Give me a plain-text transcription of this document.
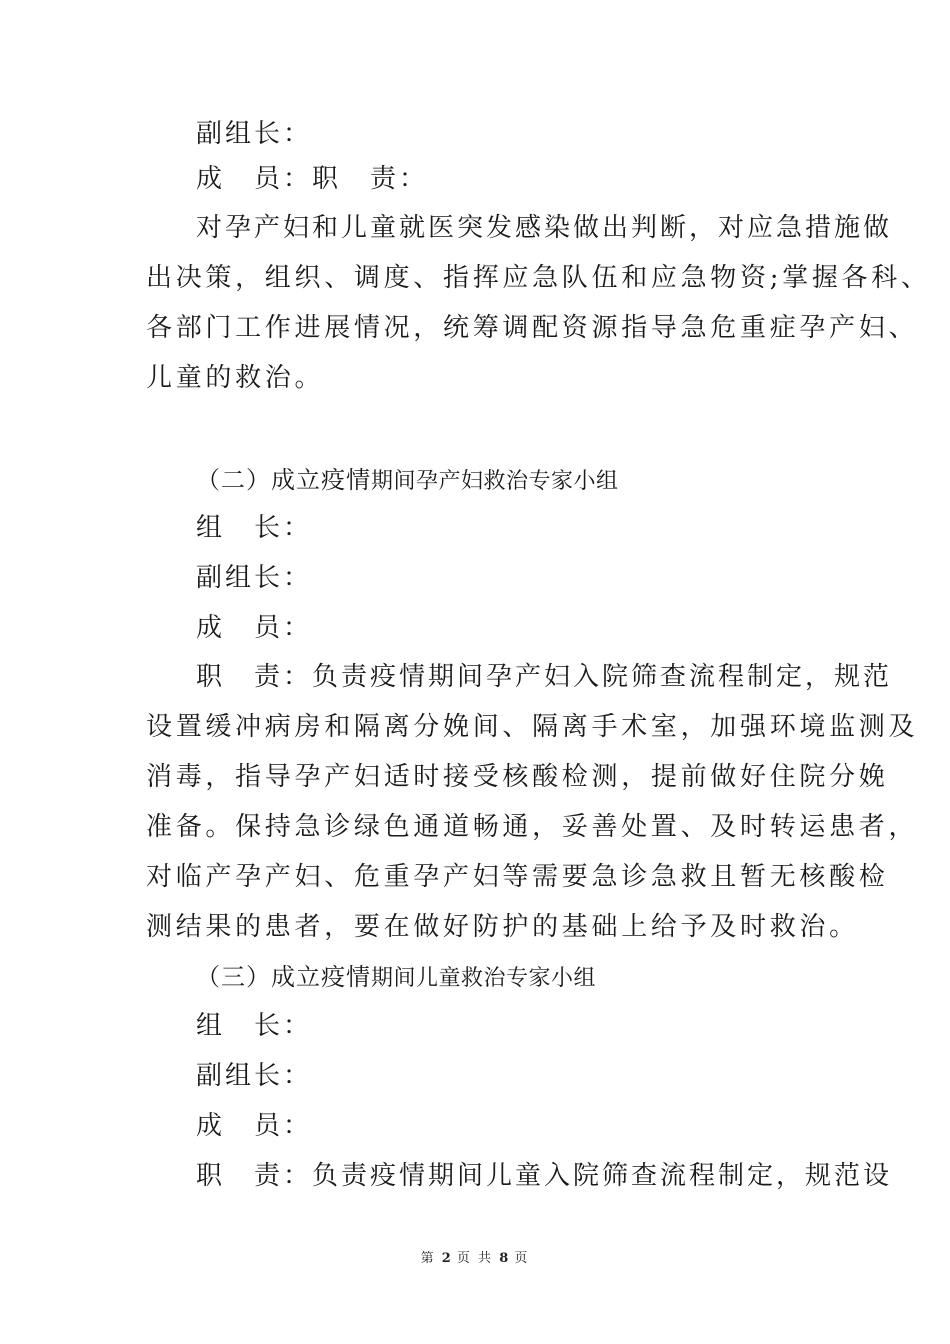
副组长：
成　员：职　责：
对孕产妇和儿童就医突发感染做出判断，对应急措施做
出决策，组织、调度、指挥应急队伍和应急物资;掌握各科、
各部门工作进展情况，统筹调配资源指导急危重症孕产妇、
儿童的救治。
（二）成立疫情期间孕产妇救治专家小组
组　长：
副组长：
成　员：
职　责：负责疫情期间孕产妇入院筛查流程制定，规范
设置缓冲病房和隔离分娩间、隔离手术室，加强环境监测及
消毒，指导孕产妇适时接受核酸检测，提前做好住院分娩
准备。保持急诊绿色通道畅通，妥善处置、及时转运患者，
对临产孕产妇、危重孕产妇等需要急诊急救且暂无核酸检
测结果的患者，要在做好防护的基础上给予及时救治。
（三）成立疫情期间儿童救治专家小组
组　长：
副组长：
成　员：
职　责：负责疫情期间儿童入院筛查流程制定，规范设
第 2 页 共 8 页
